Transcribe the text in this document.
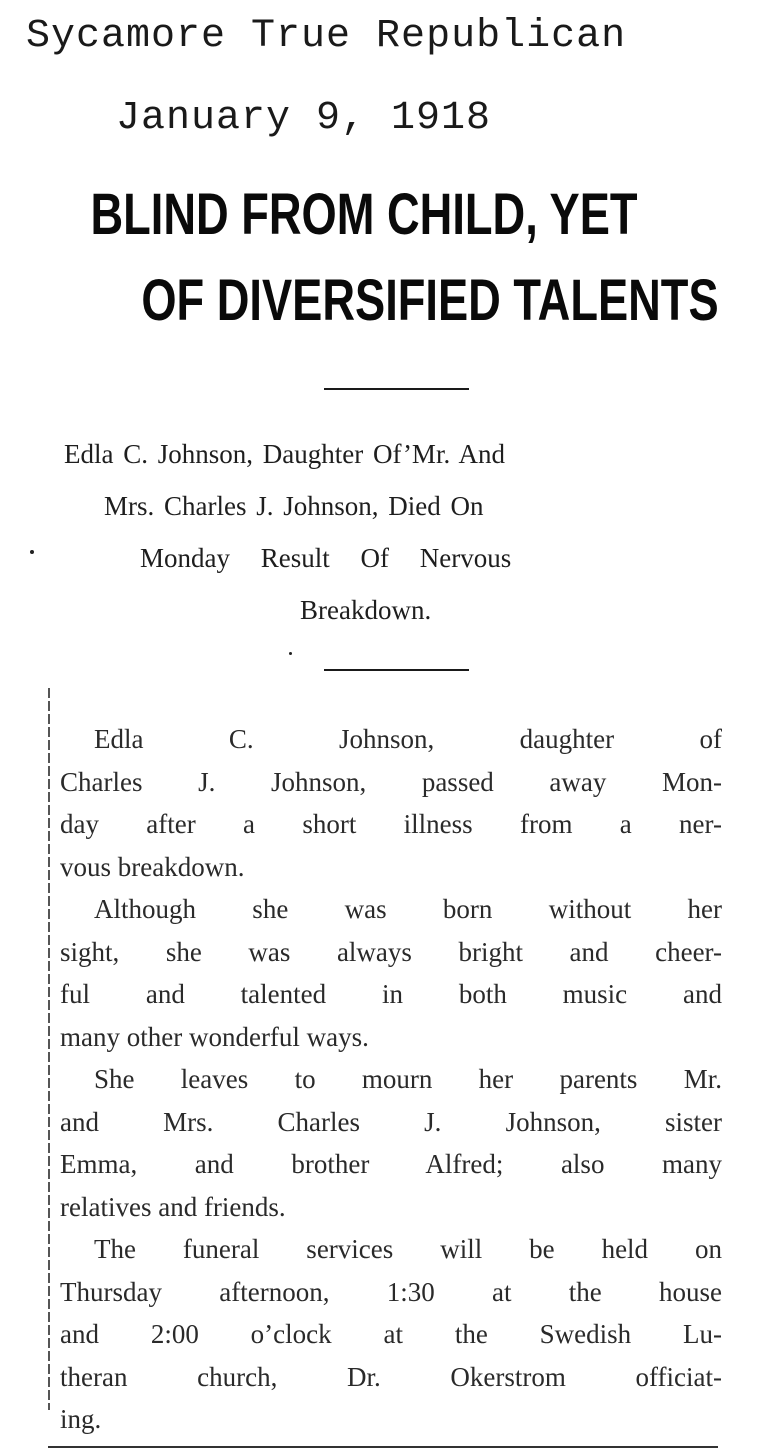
Sycamore True Republican
January 9, 1918
BLIND FROM CHILD, YET
OF DIVERSIFIED TALENTS
Edla C. Johnson, Daughter Of’Mr. And
Mrs. Charles J. Johnson, Died On
Monday Result Of Nervous
Breakdown.
Edla C. Johnson, daughter of
Charles J. Johnson, passed away Mon-
day after a short illness from a ner-
vous breakdown.
Although she was born without her
sight, she was always bright and cheer-
ful and talented in both music and
many other wonderful ways.
She leaves to mourn her parents Mr.
and Mrs. Charles J. Johnson, sister
Emma, and brother Alfred; also many
relatives and friends.
The funeral services will be held on
Thursday afternoon, 1:30 at the house
and 2:00 o’clock at the Swedish Lu-
theran church, Dr. Okerstrom officiat-
ing.
